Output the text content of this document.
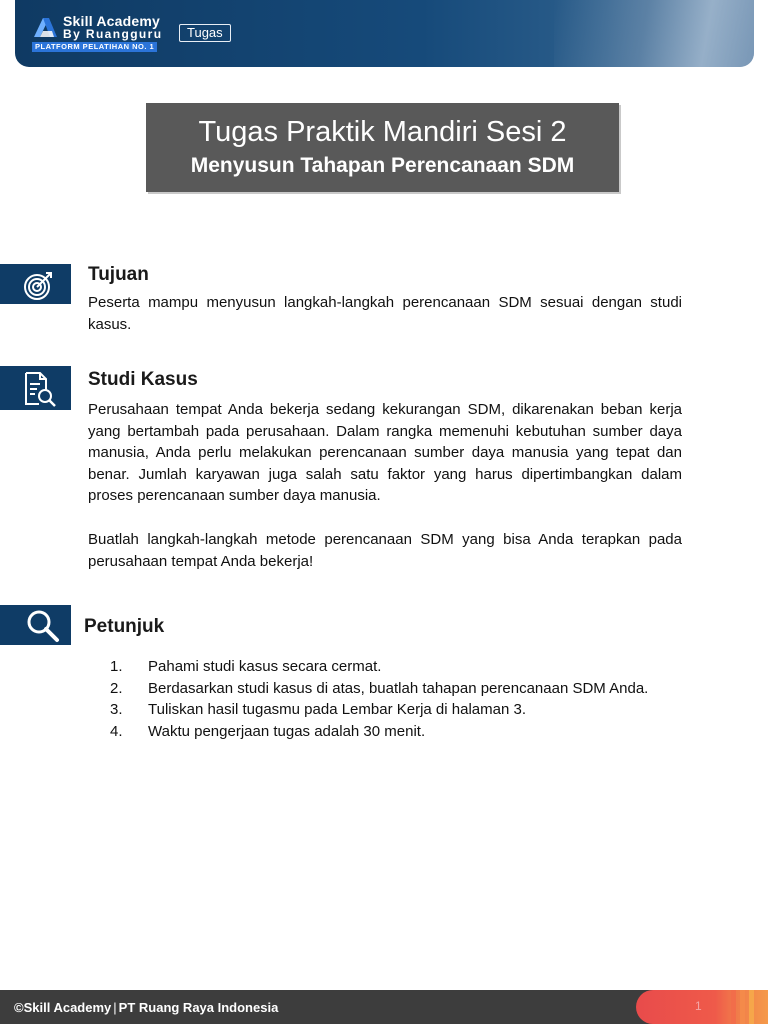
Skill Academy
By Ruangguru
PLATFORM PELATIHAN NO. 1
Tugas
Tugas Praktik Mandiri Sesi 2
Menyusun Tahapan Perencanaan SDM
Tujuan
Peserta mampu menyusun langkah-langkah perencanaan SDM sesuai dengan studi kasus.
Studi Kasus
Perusahaan tempat Anda bekerja sedang kekurangan SDM, dikarenakan beban kerja yang bertambah pada perusahaan. Dalam rangka memenuhi kebutuhan sumber daya manusia, Anda perlu melakukan perencanaan sumber daya manusia yang tepat dan benar. Jumlah karyawan juga salah satu faktor yang harus dipertimbangkan dalam proses perencanaan sumber daya manusia.
Buatlah langkah-langkah metode perencanaan SDM yang bisa Anda terapkan pada perusahaan tempat Anda bekerja!
Petunjuk
1. Pahami studi kasus secara cermat.
2. Berdasarkan studi kasus di atas, buatlah tahapan perencanaan SDM Anda.
3. Tuliskan hasil tugasmu pada Lembar Kerja di halaman 3.
4. Waktu pengerjaan tugas adalah 30 menit.
©Skill Academy | PT Ruang Raya Indonesia	1
